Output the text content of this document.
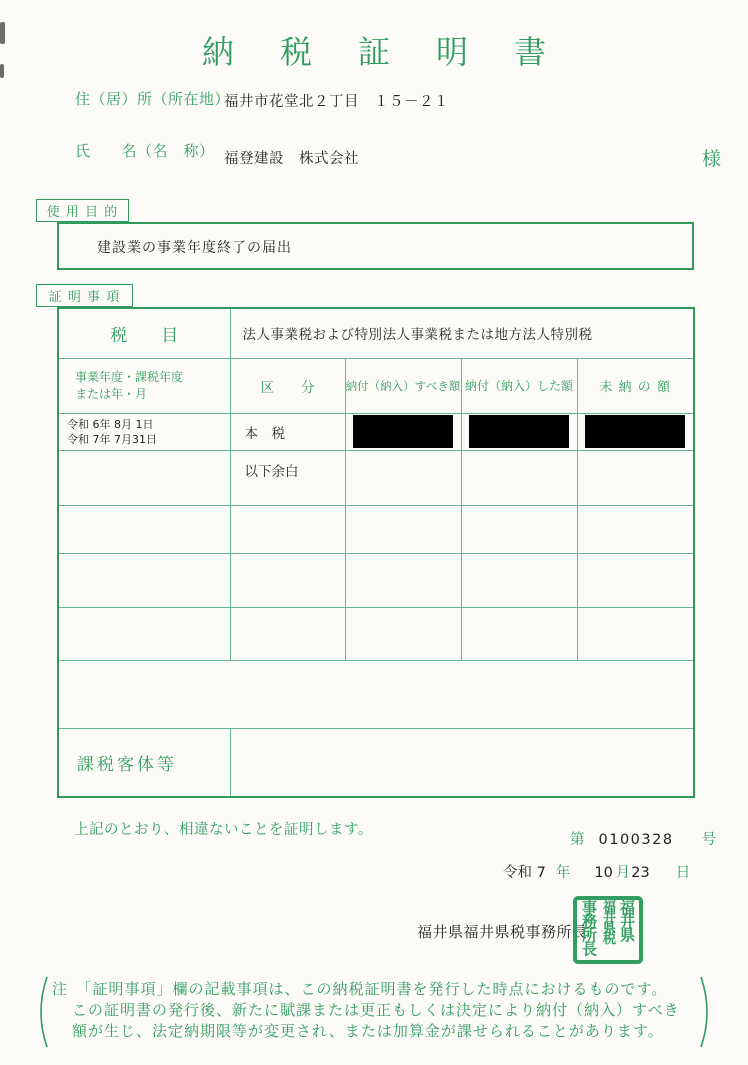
納税証明書
住（居）所（所在地）
福井市花堂北２丁目　１５－２１
氏　　名（名　称） 福登建設　株式会社	様
使 用 目 的
建設業の事業年度終了の届出
証 明 事 項
税　　目	法人事業税および特別法人事業税または地方法人特別税			
事業年度・課税年度
または年・月	区　　分	納付（納入）すべき額	納付（納入）した額	未 納 の 額
令和 6年 8月 1日
令和 7年 7月31日	本　税	

	以下余白			

課税客体等				
上記のとおり、相違ないことを証明します。
第 0100328 号
令和 7 年 10 月 23 日
福井県福井県税事務所長 福井県
福井県税
事務所長
注　「証明事項」欄の記載事項は、この納税証明書を発行した時点におけるものです。
この証明書の発行後、新たに賦課または更正もしくは決定により納付（納入）すべき
額が生じ、法定納期限等が変更され、または加算金が課せられることがあります。
